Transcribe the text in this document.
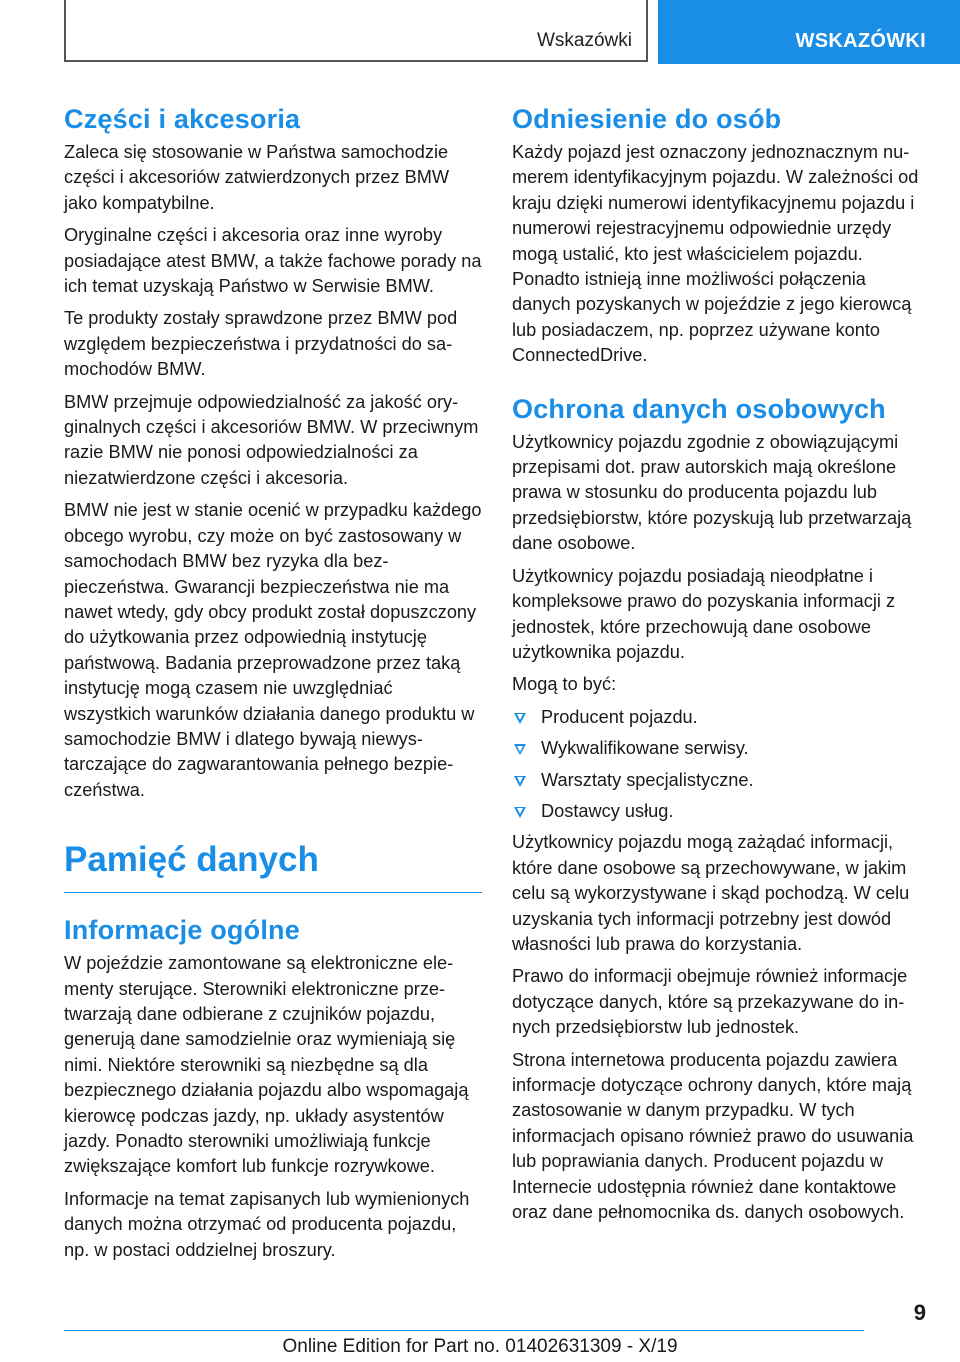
Wskazówki	WSKAZÓWKI
Części i akcesoria

Zaleca się stosowanie w Państwa samochodzie części i akcesoriów zatwierdzonych przez BMW jako kompatybilne.

Oryginalne części i akcesoria oraz inne wyroby posiadające atest BMW, a także fachowe porady na ich temat uzyskają Państwo w Serwisie BMW.

Te produkty zostały sprawdzone przez BMW pod względem bezpieczeństwa i przydatności do samochodów BMW.

BMW przejmuje odpowiedzialność za jakość oryginalnych części i akcesoriów BMW. W przeciwnym razie BMW nie ponosi odpowiedzialności za niezatwierdzone części i akcesoria.

BMW nie jest w stanie ocenić w przypadku każdego obcego wyrobu, czy może on być zastosowany w samochodach BMW bez ryzyka dla bezpieczeństwa. Gwarancji bezpieczeństwa nie ma nawet wtedy, gdy obcy produkt został dopuszczony do użytkowania przez odpowiednią instytucję państwową. Badania przeprowadzone przez taką instytucję mogą czasem nie uwzględniać wszystkich warunków działania danego produktu w samochodzie BMW i dlatego bywają niewystarczające do zagwarantowania pełnego bezpieczeństwa.

Pamięć danych
Informacje ogólne

W pojeździe zamontowane są elektroniczne elementy sterujące. Sterowniki elektroniczne przetwarzają dane odbierane z czujników pojazdu, generują dane samodzielnie oraz wymieniają się nimi. Niektóre sterowniki są niezbędne są dla bezpiecznego działania pojazdu albo wspomagają kierowcę podczas jazdy, np. układy asystentów jazdy. Ponadto sterowniki umożliwiają funkcje zwiększające komfort lub funkcje rozrywkowe.

Informacje na temat zapisanych lub wymienionych danych można otrzymać od producenta pojazdu, np. w postaci oddzielnej broszury.

Odniesienie do osób

Każdy pojazd jest oznaczony jednoznacznym numerem identyfikacyjnym pojazdu. W zależności od kraju dzięki numerowi identyfikacyjnemu pojazdu i numerowi rejestracyjnemu odpowiednie urzędy mogą ustalić, kto jest właścicielem pojazdu. Ponadto istnieją inne możliwości połączenia danych pozyskanych w pojeździe z jego kierowcą lub posiadaczem, np. poprzez używane konto ConnectedDrive.

Ochrona danych osobowych

Użytkownicy pojazdu zgodnie z obowiązującymi przepisami dot. praw autorskich mają określone prawa w stosunku do producenta pojazdu lub przedsiębiorstw, które pozyskują lub przetwarzają dane osobowe.

Użytkownicy pojazdu posiadają nieodpłatne i kompleksowe prawo do pozyskania informacji z jednostek, które przechowują dane osobowe użytkownika pojazdu.

Mogą to być:

Producent pojazdu.
Wykwalifikowane serwisy.
Warsztaty specjalistyczne.
Dostawcy usług.

Użytkownicy pojazdu mogą zażądać informacji, które dane osobowe są przechowywane, w jakim celu są wykorzystywane i skąd pochodzą. W celu uzyskania tych informacji potrzebny jest dowód własności lub prawa do korzystania.

Prawo do informacji obejmuje również informacje dotyczące danych, które są przekazywane do innych przedsiębiorstw lub jednostek.

Strona internetowa producenta pojazdu zawiera informacje dotyczące ochrony danych, które mają zastosowanie w danym przypadku. W tych informacjach opisano również prawo do usuwania lub poprawiania danych. Producent pojazdu w Internecie udostępnia również dane kontaktowe oraz dane pełnomocnika ds. danych osobowych.

9
Online Edition for Part no. 01402631309 - X/19
